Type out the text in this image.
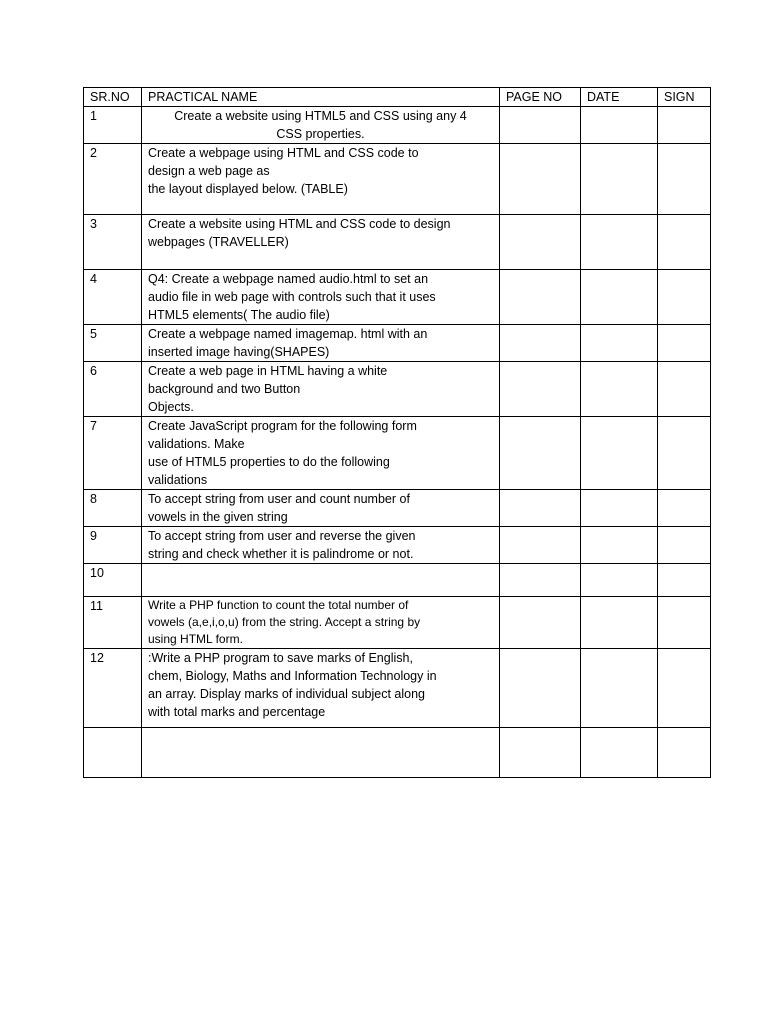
SR.NO	PRACTICAL NAME	PAGE NO	DATE	SIGN
1	Create a website using HTML5 and CSS using any 4
CSS properties.			
2	Create a webpage using HTML and CSS code to
design a web page as
the layout displayed below. (TABLE)			
3	Create a website using HTML and CSS code to design
webpages (TRAVELLER)			
4	Q4: Create a webpage named audio.html to set an
audio file in web page with controls such that it uses
HTML5 elements( The audio file)			
5	Create a webpage named imagemap. html with an
inserted image having(SHAPES)			
6	Create a web page in HTML having a white
background and two Button
Objects.			
7	Create JavaScript program for the following form
validations. Make
use of HTML5 properties to do the following
validations			
8	To accept string from user and count number of
vowels in the given string			
9	To accept string from user and reverse the given
string and check whether it is palindrome or not.			
10				
11	Write a PHP function to count the total number of
vowels (a,e,i,o,u) from the string. Accept a string by
using HTML form.			
12	:Write a PHP program to save marks of English,
chem, Biology, Maths and Information Technology in
an array. Display marks of individual subject along
with total marks and percentage			
